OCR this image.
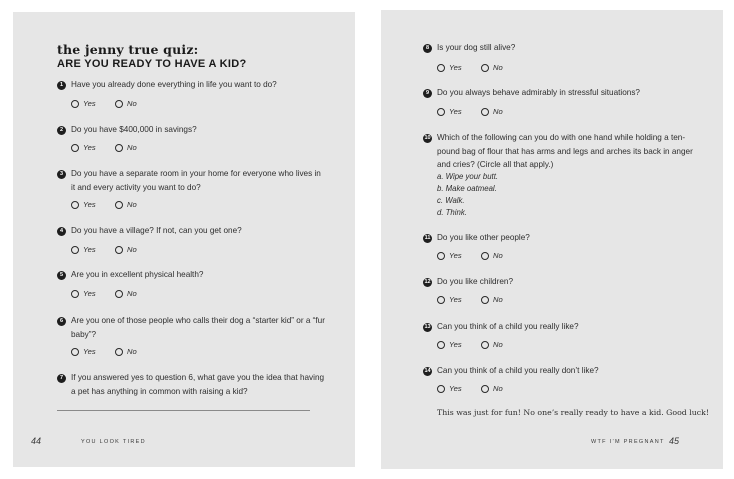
the jenny true quiz:
ARE YOU READY TO HAVE A KID?
1 Have you already done everything in life you want to do?
Yes	No
2 Do you have $400,000 in savings?
Yes	No
3 Do you have a separate room in your home for everyone who lives in it and every activity you want to do?
Yes	No
4 Do you have a village? If not, can you get one?
Yes	No
5 Are you in excellent physical health?
Yes	No
6 Are you one of those people who calls their dog a “starter kid” or a “fur baby”?
Yes	No
7 If you answered yes to question 6, what gave you the idea that having a pet has anything in common with raising a kid?
44	YOU LOOK TIRED
8 Is your dog still alive?
Yes	No
9 Do you always behave admirably in stressful situations?
Yes	No
10 Which of the following can you do with one hand while holding a ten-pound bag of flour that has arms and legs and arches its back in anger and cries? (Circle all that apply.)
a. Wipe your butt.
b. Make oatmeal.
c. Walk.
d. Think.
11 Do you like other people?
Yes	No
12 Do you like children?
Yes	No
13 Can you think of a child you really like?
Yes	No
14 Can you think of a child you really don’t like?
Yes	No
This was just for fun! No one’s really ready to have a kid. Good luck!
WTF I’M PREGNANT 45
